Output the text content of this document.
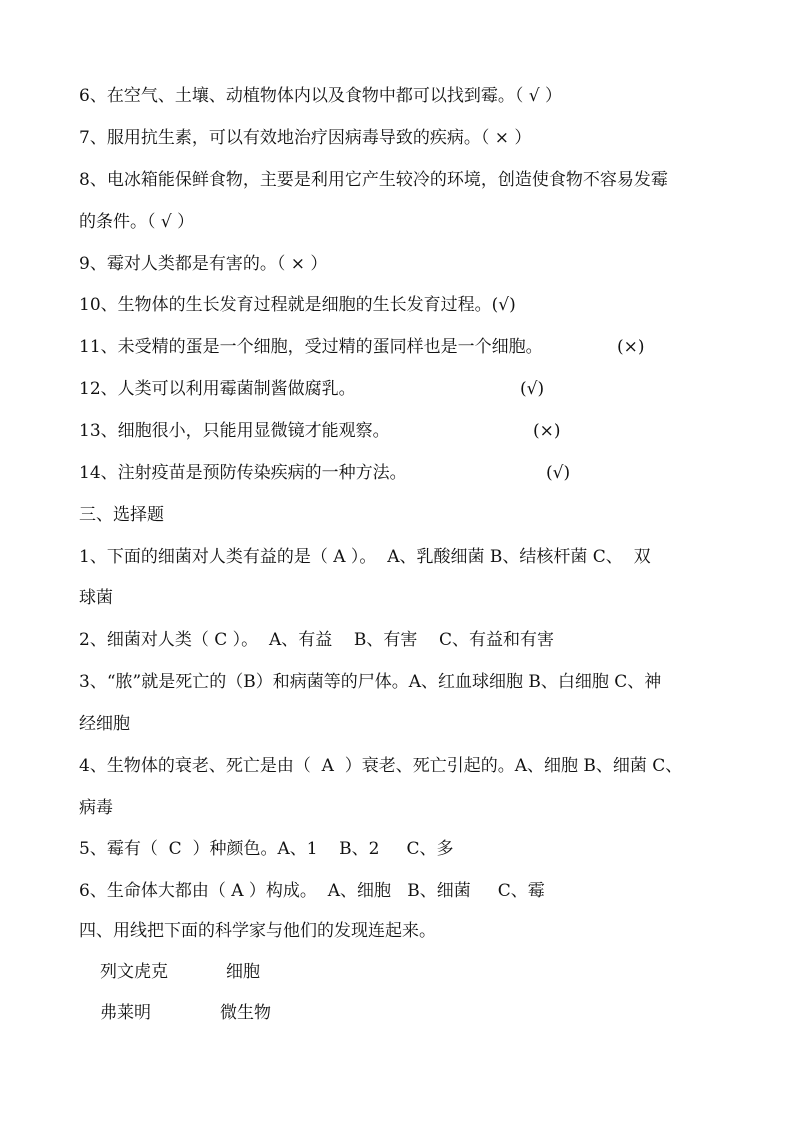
6、在空气、土壤、动植物体内以及食物中都可以找到霉。（ √ ）
7、服用抗生素，可以有效地治疗因病毒导致的疾病。（ × ）
8、电冰箱能保鲜食物，主要是利用它产生较冷的环境，创造使食物不容易发霉
的条件。（ √ ）
9、霉对人类都是有害的。（ × ）
10、生物体的生长发育过程就是细胞的生长发育过程。(√)
11、未受精的蛋是一个细胞，受过精的蛋同样也是一个细胞。	(×)
12、人类可以利用霉菌制酱做腐乳。	(√)
13、细胞很小，只能用显微镜才能观察。	(×)
14、注射疫苗是预防传染疾病的一种方法。	(√)
三、选择题
1、下面的细菌对人类有益的是（ A ）。  A、乳酸细菌 B、结核杆菌 C、  双
球菌
2、细菌对人类（ C ）。  A、有益    B、有害    C、有益和有害
3、“脓”就是死亡的（B）和病菌等的尸体。A、红血球细胞 B、白细胞 C、神
经细胞
4、生物体的衰老、死亡是由（  A  ）衰老、死亡引起的。A、细胞 B、细菌 C、
病毒
5、霉有（  C  ）种颜色。A、1    B、2     C、多
6、生命体大都由（ A ）构成。  A、细胞   B、细菌     C、霉
四、用线把下面的科学家与他们的发现连起来。
列文虎克	细胞
弗莱明	微生物
